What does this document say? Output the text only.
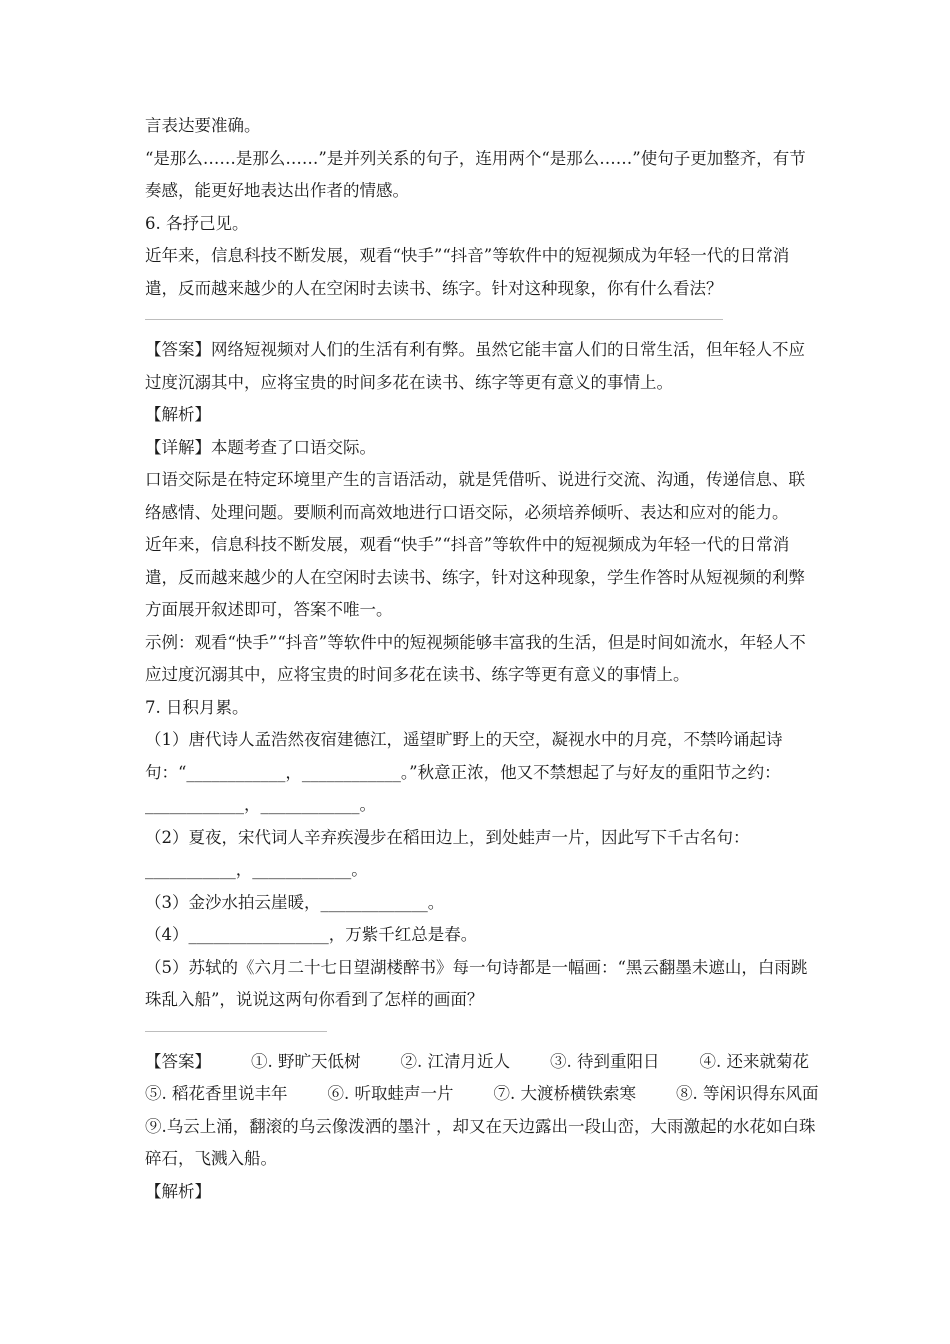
言表达要准确。
“是那么……是那么……”是并列关系的句子，连用两个“是那么……”使句子更加整齐，有节奏感，能更好地表达出作者的情感。
6. 各抒己见。
近年来，信息科技不断发展，观看“快手”“抖音”等软件中的短视频成为年轻一代的日常消遣，反而越来越少的人在空闲时去读书、练字。针对这种现象，你有什么看法？
【答案】网络短视频对人们的生活有利有弊。虽然它能丰富人们的日常生活，但年轻人不应过度沉溺其中，应将宝贵的时间多花在读书、练字等更有意义的事情上。
【解析】
【详解】本题考查了口语交际。
口语交际是在特定环境里产生的言语活动，就是凭借听、说进行交流、沟通，传递信息、联络感情、处理问题。要顺利而高效地进行口语交际，必须培养倾听、表达和应对的能力。
近年来，信息科技不断发展，观看“快手”“抖音”等软件中的短视频成为年轻一代的日常消遣，反而越来越少的人在空闲时去读书、练字，针对这种现象，学生作答时从短视频的利弊方面展开叙述即可，答案不唯一。
示例：观看“快手”“抖音”等软件中的短视频能够丰富我的生活，但是时间如流水，年轻人不应过度沉溺其中，应将宝贵的时间多花在读书、练字等更有意义的事情上。
7. 日积月累。
（1）唐代诗人孟浩然夜宿建德江，遥望旷野上的天空，凝视水中的月亮，不禁吟诵起诗句：“____________，____________。”秋意正浓，他又不禁想起了与好友的重阳节之约：____________，____________。
（2）夏夜，宋代词人辛弃疾漫步在稻田边上，到处蛙声一片，因此写下千古名句：___________，____________。
（3）金沙水拍云崖暖，_____________。
（4）_________________，万紫千红总是春。
（5）苏轼的《六月二十七日望湖楼醉书》每一句诗都是一幅画：“黑云翻墨未遮山，白雨跳珠乱入船”，说说这两句你看到了怎样的画面？
【答案】 ①. 野旷天低树 ②. 江清月近人 ③. 待到重阳日 ④. 还来就菊花
⑤. 稻花香里说丰年 ⑥. 听取蛙声一片 ⑦. 大渡桥横铁索寒 ⑧. 等闲识得东风面
⑨.乌云上涌，翻滚的乌云像泼洒的墨汁 ，却又在天边露出一段山峦，大雨激起的水花如白珠碎石，飞溅入船。
【解析】
